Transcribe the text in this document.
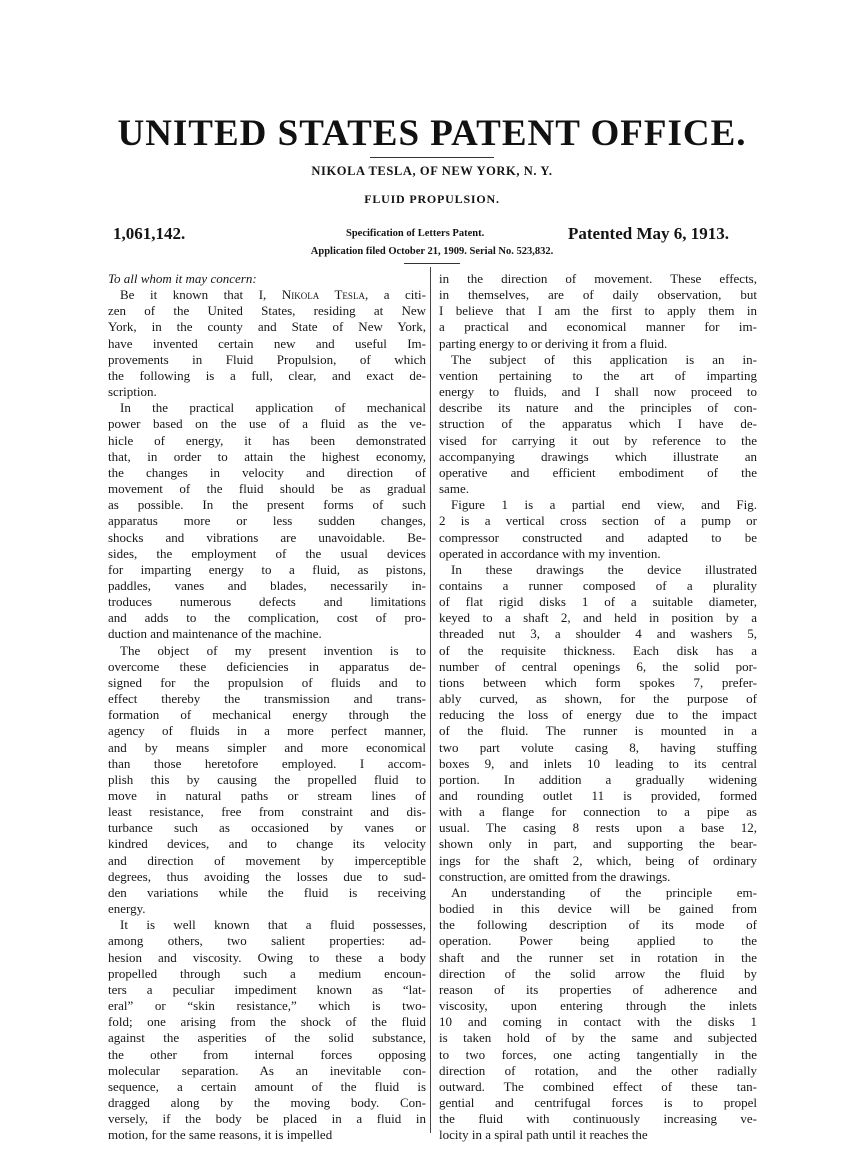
UNITED STATES PATENT OFFICE.
NIKOLA TESLA, OF NEW YORK, N. Y.
FLUID PROPULSION.
1,061,142.	Specification of Letters Patent.	Patented May 6, 1913.
Application filed October 21, 1909. Serial No. 523,832.
To all whom it may concern:
Be it known that I, Nikola Tesla, a citi-
zen of the United States, residing at New
York, in the county and State of New York,
have invented certain new and useful Im-
provements in Fluid Propulsion, of which
the following is a full, clear, and exact de-
scription.
In the practical application of mechanical
power based on the use of a fluid as the ve-
hicle of energy, it has been demonstrated
that, in order to attain the highest economy,
the changes in velocity and direction of
movement of the fluid should be as gradual
as possible. In the present forms of such
apparatus more or less sudden changes,
shocks and vibrations are unavoidable. Be-
sides, the employment of the usual devices
for imparting energy to a fluid, as pistons,
paddles, vanes and blades, necessarily in-
troduces numerous defects and limitations
and adds to the complication, cost of pro-
duction and maintenance of the machine.
The object of my present invention is to
overcome these deficiencies in apparatus de-
signed for the propulsion of fluids and to
effect thereby the transmission and trans-
formation of mechanical energy through the
agency of fluids in a more perfect manner,
and by means simpler and more economical
than those heretofore employed. I accom-
plish this by causing the propelled fluid to
move in natural paths or stream lines of
least resistance, free from constraint and dis-
turbance such as occasioned by vanes or
kindred devices, and to change its velocity
and direction of movement by imperceptible
degrees, thus avoiding the losses due to sud-
den variations while the fluid is receiving
energy.
It is well known that a fluid possesses,
among others, two salient properties: ad-
hesion and viscosity. Owing to these a body
propelled through such a medium encoun-
ters a peculiar impediment known as “lat-
eral” or “skin resistance,” which is two-
fold; one arising from the shock of the fluid
against the asperities of the solid substance,
the other from internal forces opposing
molecular separation. As an inevitable con-
sequence, a certain amount of the fluid is
dragged along by the moving body. Con-
versely, if the body be placed in a fluid in
motion, for the same reasons, it is impelled
in the direction of movement. These effects,
in themselves, are of daily observation, but
I believe that I am the first to apply them in
a practical and economical manner for im-
parting energy to or deriving it from a fluid.
The subject of this application is an in-
vention pertaining to the art of imparting
energy to fluids, and I shall now proceed to
describe its nature and the principles of con-
struction of the apparatus which I have de-
vised for carrying it out by reference to the
accompanying drawings which illustrate an
operative and efficient embodiment of the
same.
Figure 1 is a partial end view, and Fig.
2 is a vertical cross section of a pump or
compressor constructed and adapted to be
operated in accordance with my invention.
In these drawings the device illustrated
contains a runner composed of a plurality
of flat rigid disks 1 of a suitable diameter,
keyed to a shaft 2, and held in position by a
threaded nut 3, a shoulder 4 and washers 5,
of the requisite thickness. Each disk has a
number of central openings 6, the solid por-
tions between which form spokes 7, prefer-
ably curved, as shown, for the purpose of
reducing the loss of energy due to the impact
of the fluid. The runner is mounted in a
two part volute casing 8, having stuffing
boxes 9, and inlets 10 leading to its central
portion. In addition a gradually widening
and rounding outlet 11 is provided, formed
with a flange for connection to a pipe as
usual. The casing 8 rests upon a base 12,
shown only in part, and supporting the bear-
ings for the shaft 2, which, being of ordinary
construction, are omitted from the drawings.
An understanding of the principle em-
bodied in this device will be gained from
the following description of its mode of
operation. Power being applied to the
shaft and the runner set in rotation in the
direction of the solid arrow the fluid by
reason of its properties of adherence and
viscosity, upon entering through the inlets
10 and coming in contact with the disks 1
is taken hold of by the same and subjected
to two forces, one acting tangentially in the
direction of rotation, and the other radially
outward. The combined effect of these tan-
gential and centrifugal forces is to propel
the fluid with continuously increasing ve-
locity in a spiral path until it reaches the
